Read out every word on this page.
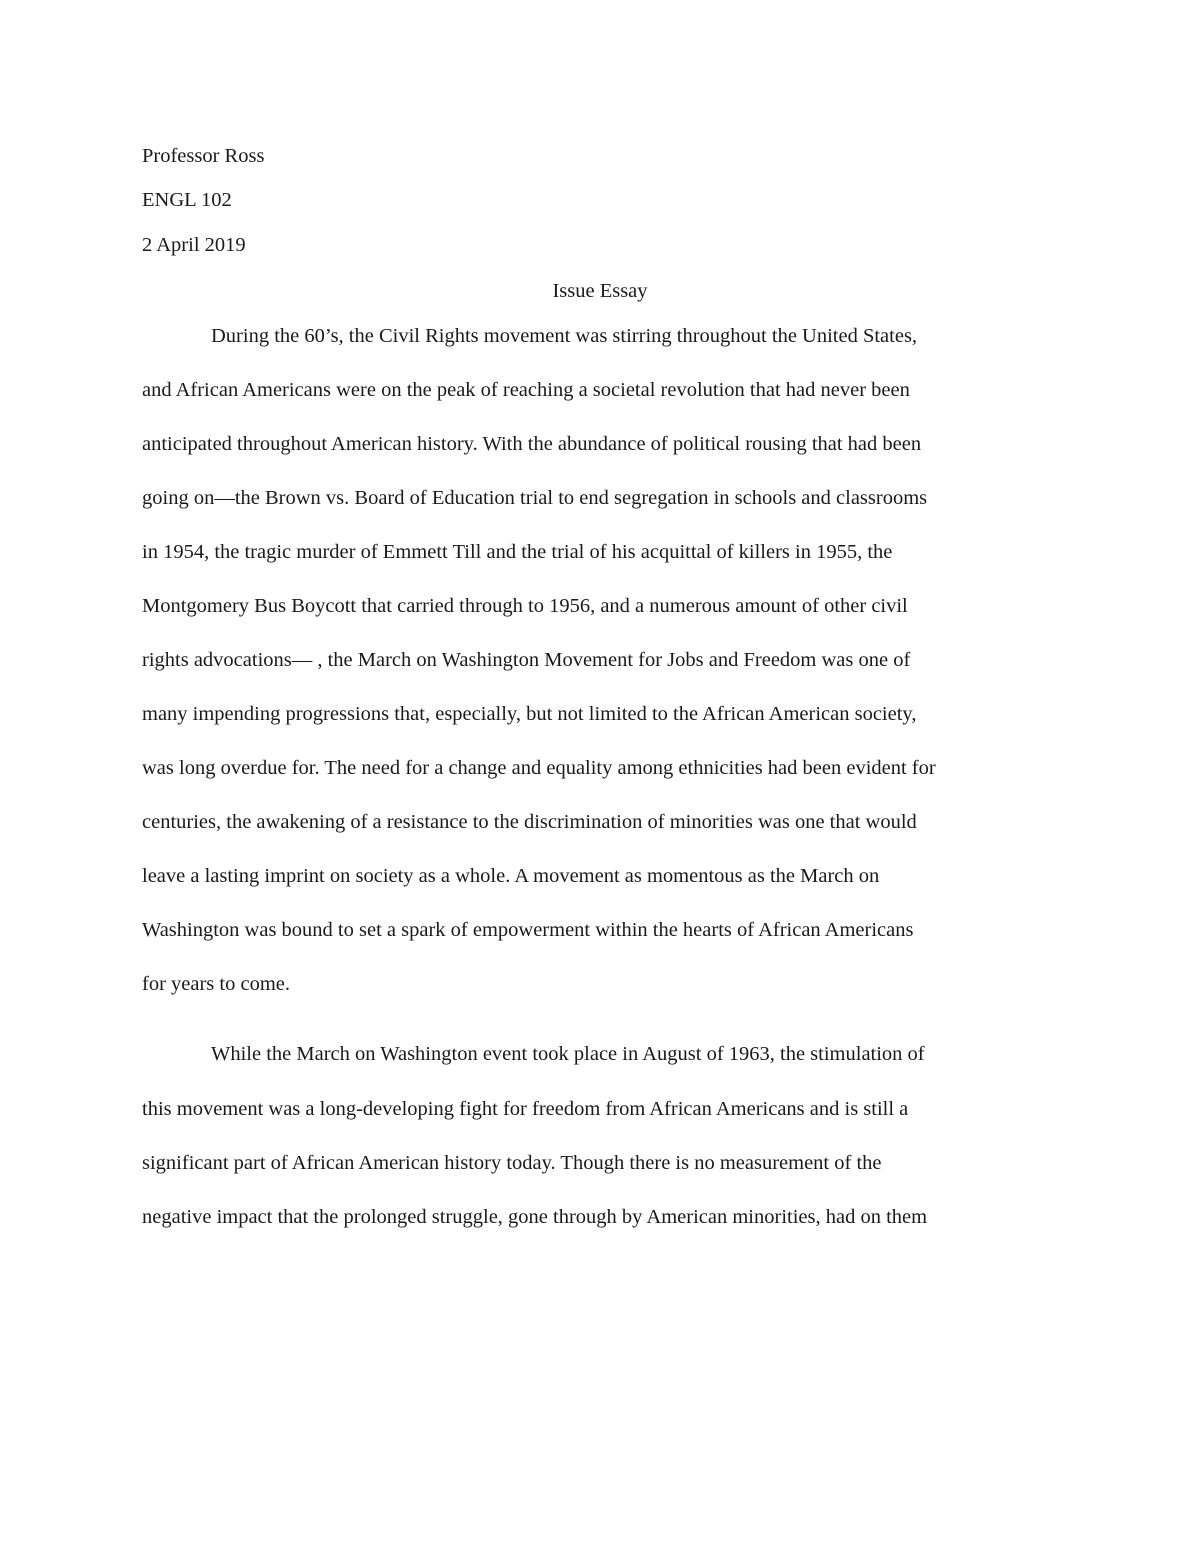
Professor Ross
ENGL 102
2 April 2019
Issue Essay
During the 60’s, the Civil Rights movement was stirring throughout the United States,
and African Americans were on the peak of reaching a societal revolution that had never been
anticipated throughout American history. With the abundance of political rousing that had been
going on—the Brown vs. Board of Education trial to end segregation in schools and classrooms
in 1954, the tragic murder of Emmett Till and the trial of his acquittal of killers in 1955, the
Montgomery Bus Boycott that carried through to 1956, and a numerous amount of other civil
rights advocations— , the March on Washington Movement for Jobs and Freedom was one of
many impending progressions that, especially, but not limited to the African American society,
was long overdue for. The need for a change and equality among ethnicities had been evident for
centuries, the awakening of a resistance to the discrimination of minorities was one that would
leave a lasting imprint on society as a whole. A movement as momentous as the March on
Washington was bound to set a spark of empowerment within the hearts of African Americans
for years to come.
While the March on Washington event took place in August of 1963, the stimulation of
this movement was a long-developing fight for freedom from African Americans and is still a
significant part of African American history today. Though there is no measurement of the
negative impact that the prolonged struggle, gone through by American minorities, had on them
